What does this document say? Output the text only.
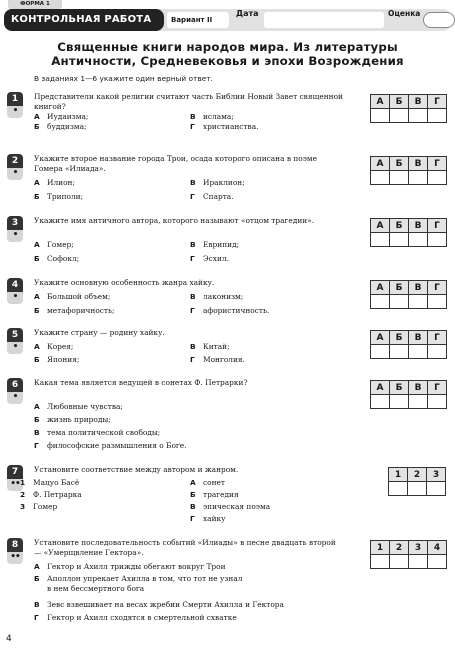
ФОРМА 1
КОНТРОЛЬНАЯ РАБОТА №1
Вариант II
Дата	Оценка
Священные книги народов мира. Из литературы
Античности, Средневековья и эпохи Возрождения
В заданиях 1—6 укажите один верный ответ.
1
•
Представители какой религии считают часть Библии Новый Завет священной книгой?
А Иудаизма;	В ислама;
Б буддизма;	Г христианства.
А	Б	В	Г

2
•
Укажите второе название города Трои, осада которого описана в поэме Гомера «Илиада».
А Илион;	В Ираклион;
Б Триполи;	Г Спарта.
А	Б	В	Г

3
•
Укажите имя античного автора, которого называют «отцом трагедии».
А Гомер;	В Еврипид;
Б Софокл;	Г Эсхил.
А	Б	В	Г

4
•
Укажите основную особенность жанра хайку.
А Большой объем;	В лаконизм;
Б метафоричность;	Г афористичность.
А	Б	В	Г

5
•
Укажите страну — родину хайку.
А Корея;	В Китай;
Б Япония;	Г Монголия.
А	Б	В	Г

6
•
Какая тема является ведущей в сонетах Ф. Петрарки?
А Любовные чувства;
Б жизнь природы;
В тема политической свободы;
Г философские размышления о Боге.
А	Б	В	Г

7
••
Установите соответствие между автором и жанром.
1 Мацуо Басё
2 Ф. Петрарка
3 Гомер
А сонет
Б трагедия
В эпическая поэма
Г хайку
1	2	3

8
••
Установите последовательность событий «Илиады» в песне двадцать второй — «Умерщвление Гектора».
А Гектор и Ахилл трижды обегают вокруг Трои
Б Аполлон упрекает Ахилла в том, что тот не узнал
в нем бессмертного бога
В Зевс взвешивает на весах жребии Смерти Ахилла и Гектора
Г Гектор и Ахилл сходятся в смертельной схватке
1	2	3	4

4
